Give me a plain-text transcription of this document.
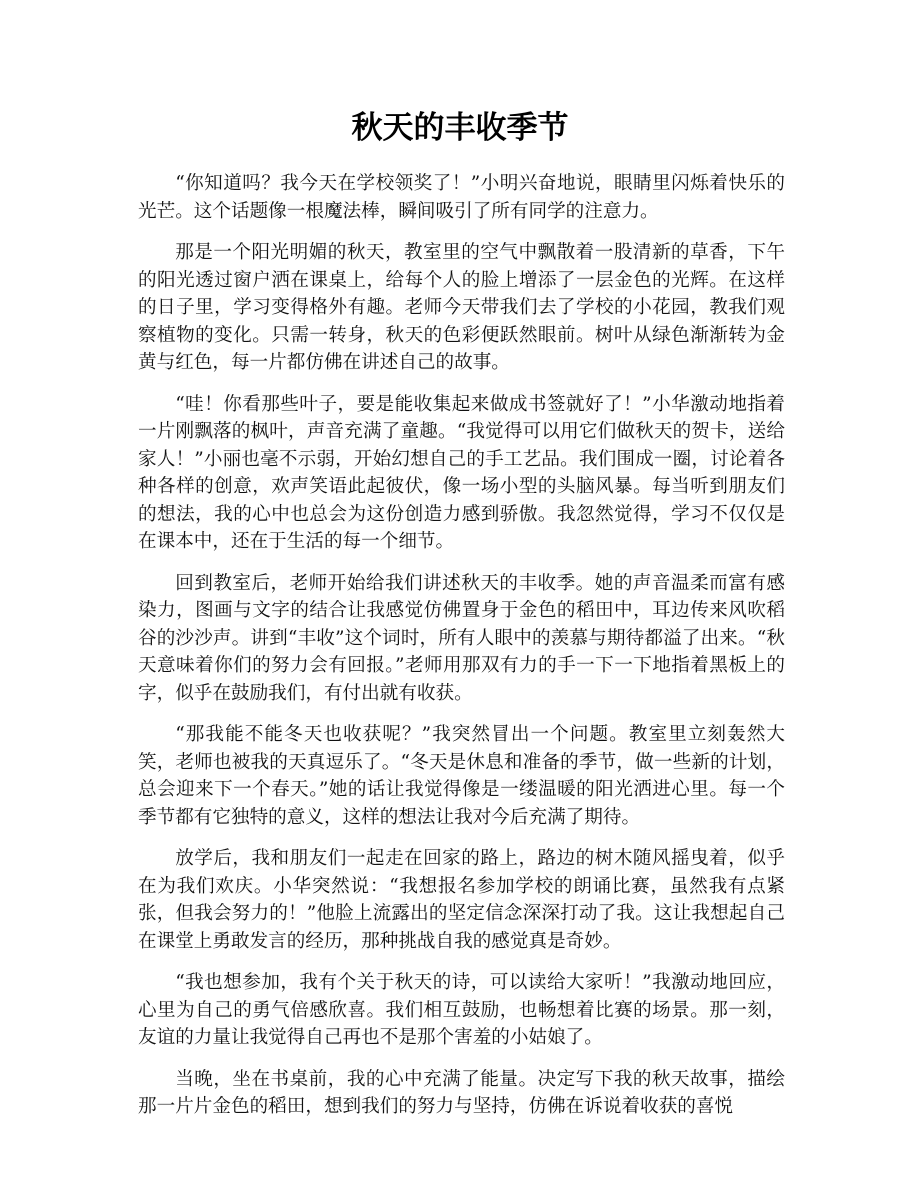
秋天的丰收季节

“你知道吗？我今天在学校领奖了！”小明兴奋地说，眼睛里闪烁着快乐的光芒。这个话题像一根魔法棒，瞬间吸引了所有同学的注意力。

那是一个阳光明媚的秋天，教室里的空气中飘散着一股清新的草香，下午的阳光透过窗户洒在课桌上，给每个人的脸上增添了一层金色的光辉。在这样的日子里，学习变得格外有趣。老师今天带我们去了学校的小花园，教我们观察植物的变化。只需一转身，秋天的色彩便跃然眼前。树叶从绿色渐渐转为金黄与红色，每一片都仿佛在讲述自己的故事。

“哇！你看那些叶子，要是能收集起来做成书签就好了！”小华激动地指着一片刚飘落的枫叶，声音充满了童趣。“我觉得可以用它们做秋天的贺卡，送给家人！”小丽也毫不示弱，开始幻想自己的手工艺品。我们围成一圈，讨论着各种各样的创意，欢声笑语此起彼伏，像一场小型的头脑风暴。每当听到朋友们的想法，我的心中也总会为这份创造力感到骄傲。我忽然觉得，学习不仅仅是在课本中，还在于生活的每一个细节。

回到教室后，老师开始给我们讲述秋天的丰收季。她的声音温柔而富有感染力，图画与文字的结合让我感觉仿佛置身于金色的稻田中，耳边传来风吹稻谷的沙沙声。讲到“丰收”这个词时，所有人眼中的羡慕与期待都溢了出来。“秋天意味着你们的努力会有回报。”老师用那双有力的手一下一下地指着黑板上的字，似乎在鼓励我们，有付出就有收获。

“那我能不能冬天也收获呢？”我突然冒出一个问题。教室里立刻轰然大笑，老师也被我的天真逗乐了。“冬天是休息和准备的季节，做一些新的计划，总会迎来下一个春天。”她的话让我觉得像是一缕温暖的阳光洒进心里。每一个季节都有它独特的意义，这样的想法让我对今后充满了期待。

放学后，我和朋友们一起走在回家的路上，路边的树木随风摇曳着，似乎在为我们欢庆。小华突然说：“我想报名参加学校的朗诵比赛，虽然我有点紧张，但我会努力的！”他脸上流露出的坚定信念深深打动了我。这让我想起自己在课堂上勇敢发言的经历，那种挑战自我的感觉真是奇妙。

“我也想参加，我有个关于秋天的诗，可以读给大家听！”我激动地回应，心里为自己的勇气倍感欣喜。我们相互鼓励，也畅想着比赛的场景。那一刻，友谊的力量让我觉得自己再也不是那个害羞的小姑娘了。

当晚，坐在书桌前，我的心中充满了能量。决定写下我的秋天故事，描绘那一片片金色的稻田，想到我们的努力与坚持，仿佛在诉说着收获的喜悦
